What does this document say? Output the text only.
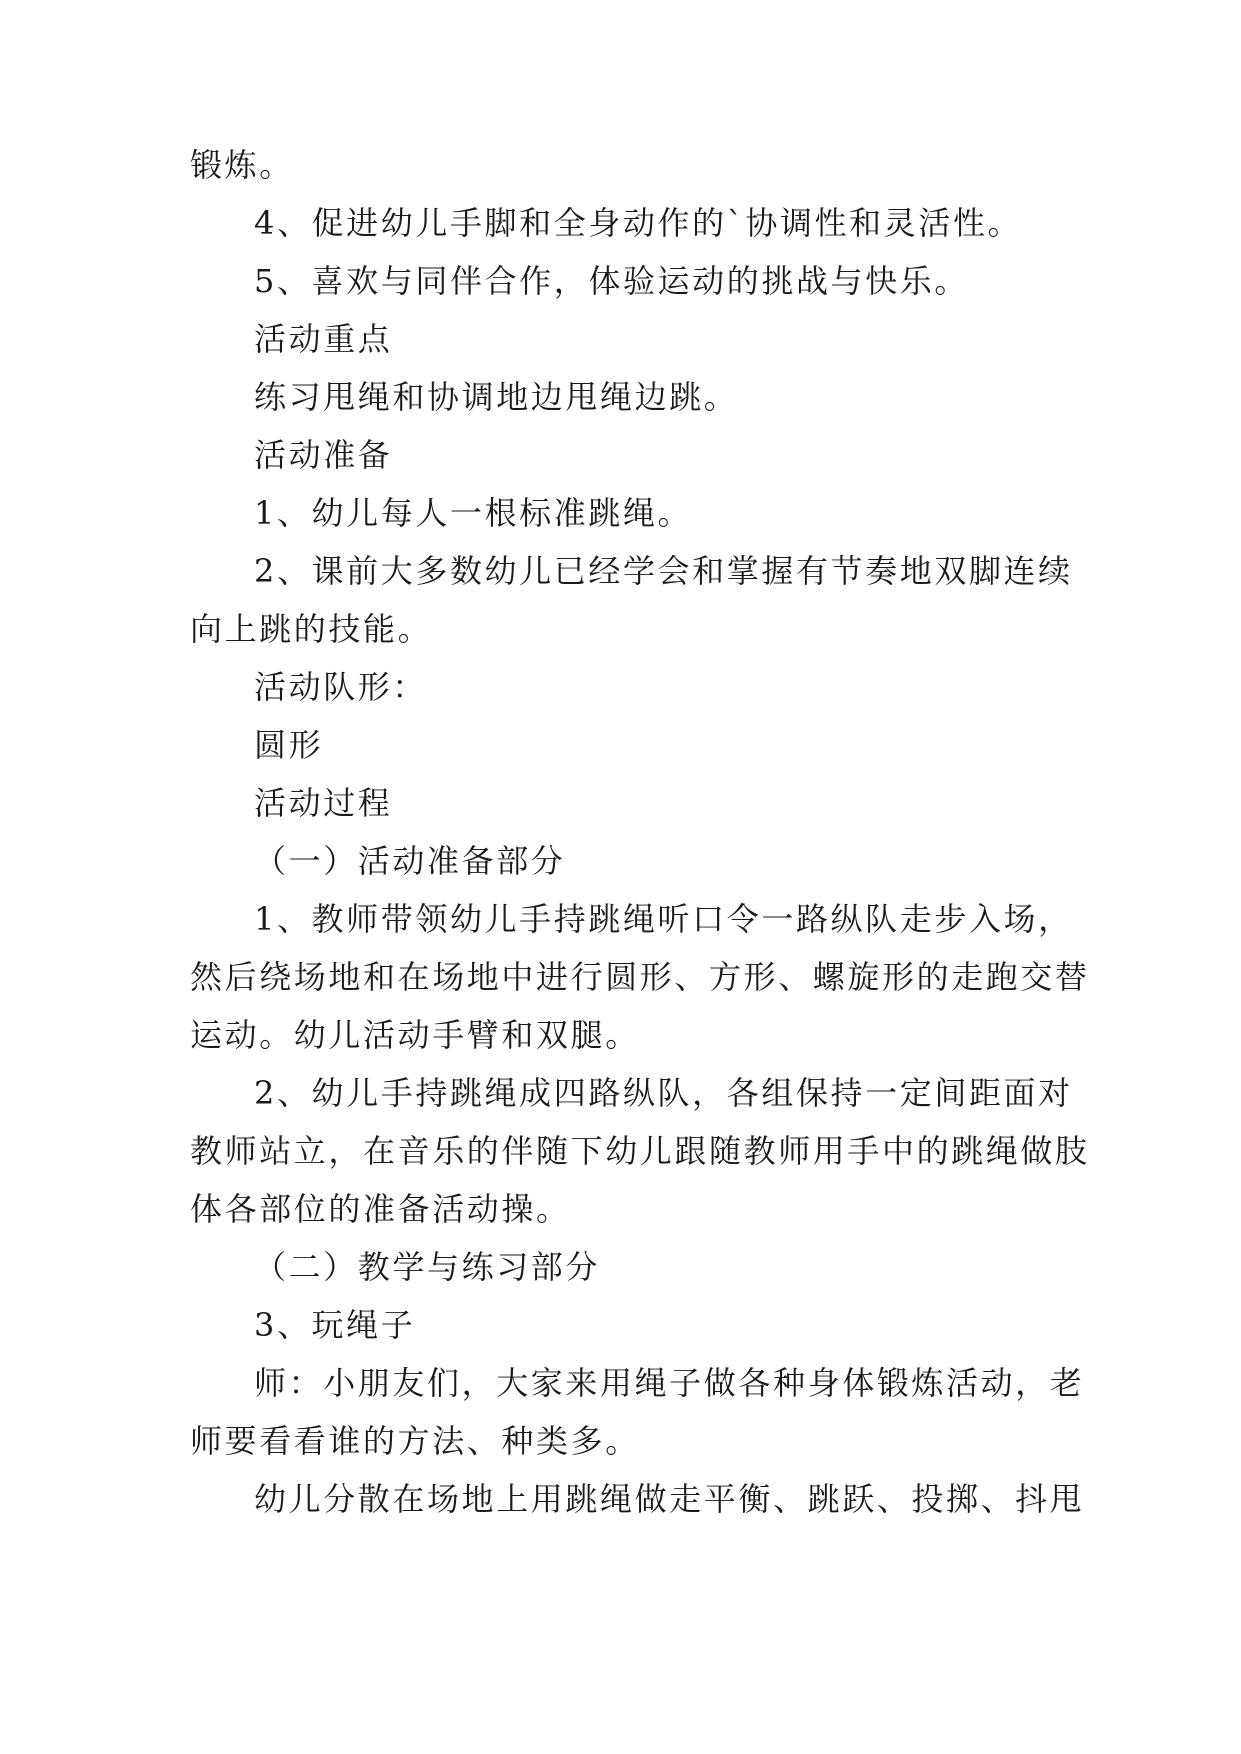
锻炼。
4、促进幼儿手脚和全身动作的`协调性和灵活性。
5、喜欢与同伴合作，体验运动的挑战与快乐。
活动重点
练习甩绳和协调地边甩绳边跳。
活动准备
1、幼儿每人一根标准跳绳。
2、课前大多数幼儿已经学会和掌握有节奏地双脚连续
向上跳的技能。
活动队形：
圆形
活动过程
（一）活动准备部分
1、教师带领幼儿手持跳绳听口令一路纵队走步入场，
然后绕场地和在场地中进行圆形、方形、螺旋形的走跑交替
运动。幼儿活动手臂和双腿。
2、幼儿手持跳绳成四路纵队，各组保持一定间距面对
教师站立，在音乐的伴随下幼儿跟随教师用手中的跳绳做肢
体各部位的准备活动操。
（二）教学与练习部分
3、玩绳子
师：小朋友们，大家来用绳子做各种身体锻炼活动，老
师要看看谁的方法、种类多。
幼儿分散在场地上用跳绳做走平衡、跳跃、投掷、抖甩
